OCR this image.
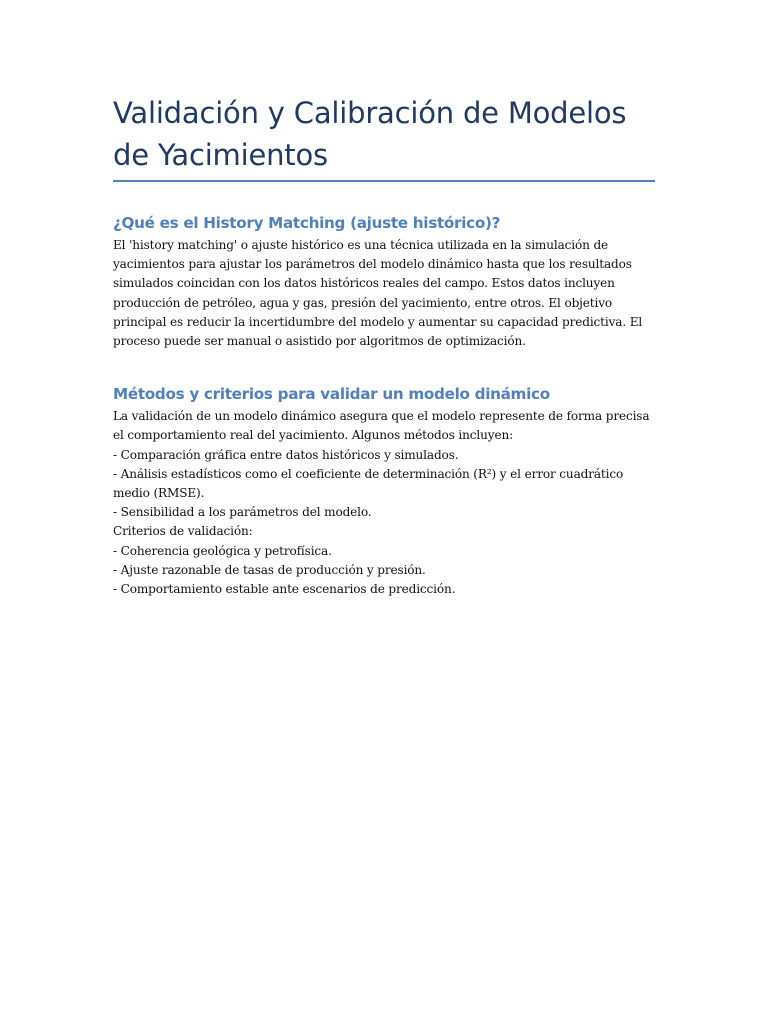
Validación y Calibración de Modelos de Yacimientos
¿Qué es el History Matching (ajuste histórico)?

El 'history matching' o ajuste histórico es una técnica utilizada en la simulación de yacimientos para ajustar los parámetros del modelo dinámico hasta que los resultados simulados coincidan con los datos históricos reales del campo. Estos datos incluyen producción de petróleo, agua y gas, presión del yacimiento, entre otros. El objetivo principal es reducir la incertidumbre del modelo y aumentar su capacidad predictiva. El proceso puede ser manual o asistido por algoritmos de optimización.

Métodos y criterios para validar un modelo dinámico

La validación de un modelo dinámico asegura que el modelo represente de forma precisa el comportamiento real del yacimiento. Algunos métodos incluyen:

- Comparación gráfica entre datos históricos y simulados.

- Análisis estadísticos como el coeficiente de determinación (R²) y el error cuadrático medio (RMSE).

- Sensibilidad a los parámetros del modelo.

Criterios de validación:

- Coherencia geológica y petrofísica.

- Ajuste razonable de tasas de producción y presión.

- Comportamiento estable ante escenarios de predicción.
